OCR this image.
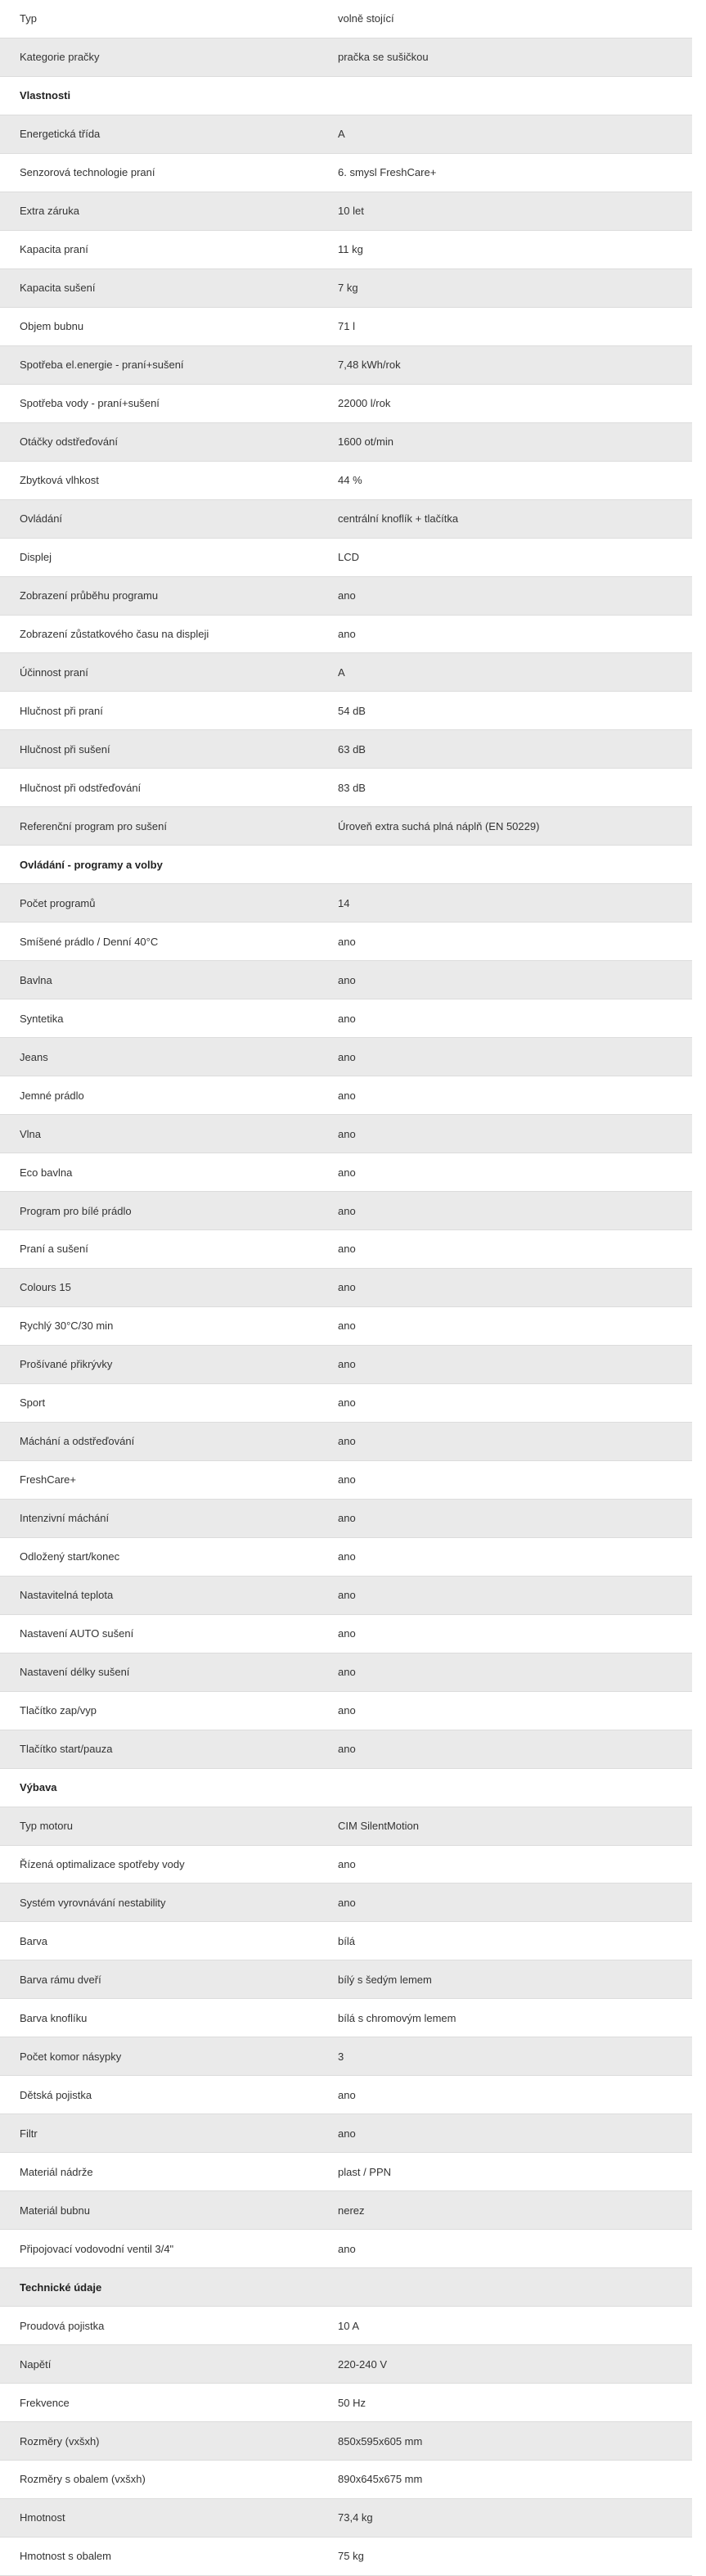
Typ	volně stojící
Kategorie pračky	pračka se sušičkou
Vlastnosti
Energetická třída	A
Senzorová technologie praní	6. smysl FreshCare+
Extra záruka	10 let
Kapacita praní	11 kg
Kapacita sušení	7 kg
Objem bubnu	71 l
Spotřeba el.energie - praní+sušení	7,48 kWh/rok
Spotřeba vody - praní+sušení	22000 l/rok
Otáčky odstřeďování	1600 ot/min
Zbytková vlhkost	44 %
Ovládání	centrální knoflík + tlačítka
Displej	LCD
Zobrazení průběhu programu	ano
Zobrazení zůstatkového času na displeji	ano
Účinnost praní	A
Hlučnost při praní	54 dB
Hlučnost při sušení	63 dB
Hlučnost při odstřeďování	83 dB
Referenční program pro sušení	Úroveň extra suchá plná náplň (EN 50229)
Ovládání - programy a volby
Počet programů	14
Smíšené prádlo / Denní 40°C	ano
Bavlna	ano
Syntetika	ano
Jeans	ano
Jemné prádlo	ano
Vlna	ano
Eco bavlna	ano
Program pro bílé prádlo	ano
Praní a sušení	ano
Colours 15	ano
Rychlý 30°C/30 min	ano
Prošívané přikrývky	ano
Sport	ano
Máchání a odstřeďování	ano
FreshCare+	ano
Intenzivní máchání	ano
Odložený start/konec	ano
Nastavitelná teplota	ano
Nastavení AUTO sušení	ano
Nastavení délky sušení	ano
Tlačítko zap/vyp	ano
Tlačítko start/pauza	ano
Výbava
Typ motoru	CIM SilentMotion
Řízená optimalizace spotřeby vody	ano
Systém vyrovnávání nestability	ano
Barva	bílá
Barva rámu dveří	bílý s šedým lemem
Barva knoflíku	bílá s chromovým lemem
Počet komor násypky	3
Dětská pojistka	ano
Filtr	ano
Materiál nádrže	plast / PPN
Materiál bubnu	nerez
Připojovací vodovodní ventil 3/4"	ano
Technické údaje
Proudová pojistka	10 A
Napětí	220-240 V
Frekvence	50 Hz
Rozměry (vxšxh)	850x595x605 mm
Rozměry s obalem (vxšxh)	890x645x675 mm
Hmotnost	73,4 kg
Hmotnost s obalem	75 kg
